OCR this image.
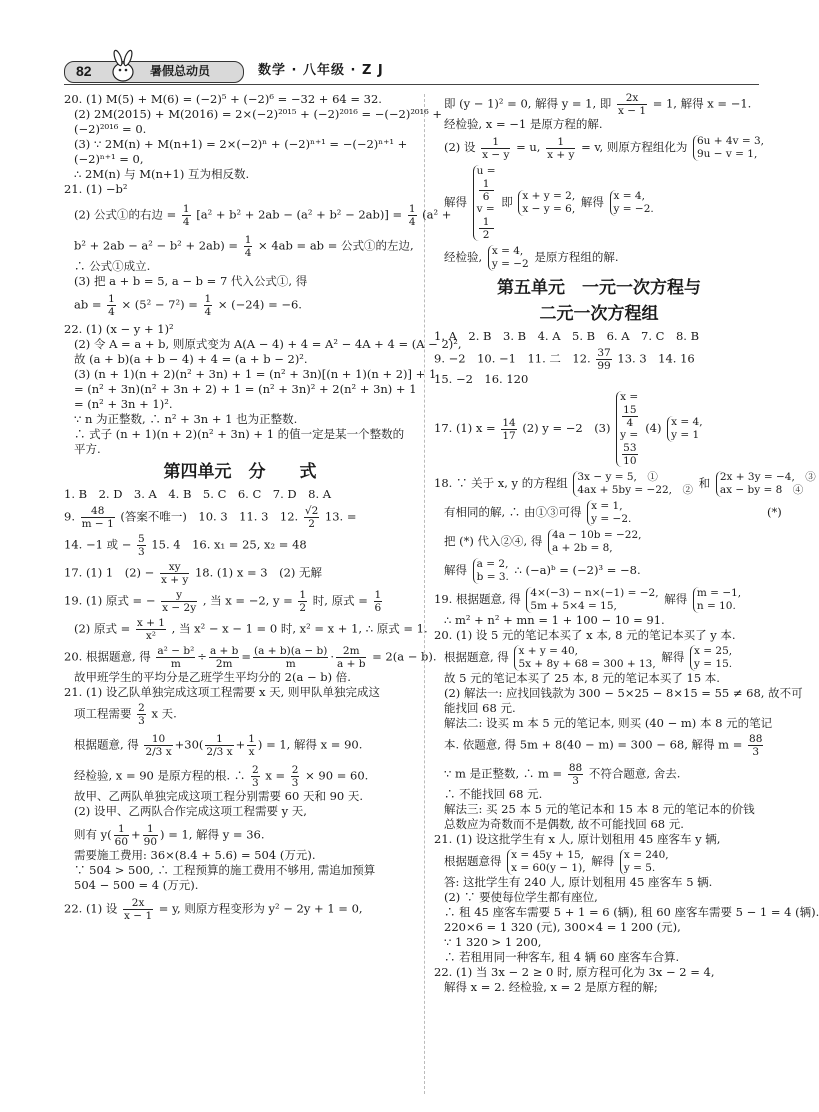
82	暑假总动员	数学 · 八年级 · Z J
20. (1) M(5) + M(6) = (−2)⁵ + (−2)⁶ = −32 + 64 = 32.
(2) 2M(2015) + M(2016) = 2×(−2)²⁰¹⁵ + (−2)²⁰¹⁶ = −(−2)²⁰¹⁶ +
(−2)²⁰¹⁶ = 0.
(3) ∵ 2M(n) + M(n+1) = 2×(−2)ⁿ + (−2)ⁿ⁺¹ = −(−2)ⁿ⁺¹ +
(−2)ⁿ⁺¹ = 0,
∴ 2M(n) 与 M(n+1) 互为相反数.
21. (1) −b²
(2) 公式①的右边 = $\frac{1}{4} [a^2 + b^2 + 2ab - (a^2 + b^2 - 2ab)] = \frac{1}{4} (a^2$ +
$b^2 + 2ab - a^2 - b^2 + 2ab) = \frac{1}{4} \times 4ab$ = ab = 公式①的左边,
∴ 公式①成立.
(3) 把 a + b = 5, a − b = 7 代入公式①, 得
ab = $\frac{1}{4} \times (5^2 - 7^2) = \frac{1}{4} \times (-24) = -6$.
22. (1) (x − y + 1)²
(2) 令 A = a + b, 则原式变为 A(A − 4) + 4 = A² − 4A + 4 = (A − 2)²,
故 (a + b)(a + b − 4) + 4 = (a + b − 2)².
(3) (n + 1)(n + 2)(n² + 3n) + 1 = (n² + 3n)[(n + 1)(n + 2)] + 1
= (n² + 3n)(n² + 3n + 2) + 1 = (n² + 3n)² + 2(n² + 3n) + 1
= (n² + 3n + 1)².
∵ n 为正整数, ∴ n² + 3n + 1 也为正整数.
∴ 式子 (n + 1)(n + 2)(n² + 3n) + 1 的值一定是某一个整数的
平方.
第四单元　分　　式
1. B　2. D　3. A　4. B　5. C　6. C　7. D　8. A
9. $\frac{48}{m - 1}$ (答案不唯一)　10. 3　11. 3　12. $\frac{√2}{2} 13$. =
14. −1 或 − $\frac{5}{3} 15$. 4　16. x₁ = 25, x₂ = 48
17. (1) 1　$(2) - \frac{xy}{x + y} 18$. (1) x = 3　(2) 无解
19. (1) 原式 = − $\frac{y}{x - 2y}$ , 当 x = −2, $y = \frac{1}{2}$ 时, 原式 = $\frac{1}{6}$
(2) 原式 = $\frac{x + 1}{\text{x²}}$ , 当 x² − x − 1 = 0 时, x² = x + 1, ∴ 原式 = 1.
20. 根据题意, 得 $\frac{\text{a² − b²}}{m} \div \frac{a + b}{2m} = \frac{(a + b)(a - b)}{m} \cdot \frac{2m}{a + b} = 2(a - b)$.
故甲班学生的平均分是乙班学生平均分的 2(a − b) 倍.
21. (1) 设乙队单独完成这项工程需要 x 天, 则甲队单独完成这
项工程需要 $\frac{2}{3}$ x 天.
根据题意, 得 $\frac{10}{2/3 x} +30( \frac{1}{2/3 x} + \frac{1}{x}$ ) = 1, 解得 x = 90.
经检验, x = 90 是原方程的根. ∴ $\frac{2}{3}$ $x = \frac{2}{3} \times 90 = 60$.
故甲、乙两队单独完成这项工程分别需要 60 天和 90 天.
(2) 设甲、乙两队合作完成这项工程需要 y 天,
则有 $y( \frac{1}{60} + \frac{1}{90}$ ) = 1, 解得 y = 36.
需要施工费用: 36×(8.4 + 5.6) = 504 (万元).
∵ 504 > 500, ∴ 工程预算的施工费用不够用, 需追加预算
504 − 500 = 4 (万元).
22. (1) 设 $\frac{2x}{x - 1} = y$, 则原方程变形为 y² − 2y + 1 = 0,
即 (y − 1)² = 0, 解得 y = 1, 即 $\frac{2x}{x - 1} = 1$, 解得 x = −1.
经检验, x = −1 是原方程的解.
(2) 设 $\frac{1}{x - y} = u$, $\frac{1}{x + y} = v$, 则原方程组化为 6u + 4v = 3,
9u − v = 1,
解得
u =
1
6
v =
1
2
即 x + y = 2,
x − y = 6, 解得 x = 4,
y = −2.
经检验, x = 4,
y = −2 是原方程组的解.
第五单元　一元一次方程与
二元一次方程组
1. A　2. B　3. B　4. A　5. B　6. A　7. C　8. B
9. −2　10. −1　11. 二　12. $\frac{37}{99} 13$. 3　14. 16
15. −2　16. 120
17. (1) $x = \frac{14}{17} (2) y = -2$　(3)
x =
15
4
y =
53
10
(4) x = 4,
y = 1
18. ∵ 关于 x, y 的方程组 3x − y = 5,　①
4ax + 5by = −22,　② 和 2x + 3y = −4,　③
ax − by = 8　④
有相同的解, ∴ 由①③可得 x = 1,
y = −2.	(*)
把 (*) 代入②④, 得 4a − 10b = −22,
a + 2b = 8,
解得 a = 2,
b = 3. ∴ (−a)ᵇ = (−2)³ = −8.
19. 根据题意, 得 4×(−3) − n×(−1) = −2,
5m + 5×4 = 15,	解得 m = −1,
n = 10.
∴ m² + n² + mn = 1 + 100 − 10 = 91.
20. (1) 设 5 元的笔记本买了 x 本, 8 元的笔记本买了 y 本.
根据题意, 得 x + y = 40,
5x + 8y + 68 = 300 + 13, 解得 x = 25,
y = 15.
故 5 元的笔记本买了 25 本, 8 元的笔记本买了 15 本.
(2) 解法一: 应找回钱款为 300 − 5×25 − 8×15 = 55 ≠ 68, 故不可
能找回 68 元.
解法二: 设买 m 本 5 元的笔记本, 则买 (40 − m) 本 8 元的笔记
本. 依题意, 得 5m + 8(40 − m) = 300 − 68, 解得 $m = \frac{88}{3}$
∵ m 是正整数, ∴ $m = \frac{88}{3}$ 不符合题意, 舍去.
∴ 不能找回 68 元.
解法三: 买 25 本 5 元的笔记本和 15 本 8 元的笔记本的价钱
总数应为奇数而不是偶数, 故不可能找回 68 元.
21. (1) 设这批学生有 x 人, 原计划租用 45 座客车 y 辆,
根据题意得 x = 45y + 15,
x = 60(y − 1), 解得 x = 240,
y = 5.
答: 这批学生有 240 人, 原计划租用 45 座客车 5 辆.
(2) ∵ 要使每位学生都有座位,
∴ 租 45 座客车需要 5 + 1 = 6 (辆), 租 60 座客车需要 5 − 1 = 4 (辆).
220×6 = 1 320 (元), 300×4 = 1 200 (元),
∵ 1 320 > 1 200,
∴ 若租用同一种客车, 租 4 辆 60 座客车合算.
22. (1) 当 3x − 2 ≥ 0 时, 原方程可化为 3x − 2 = 4,
解得 x = 2. 经检验, x = 2 是原方程的解;
